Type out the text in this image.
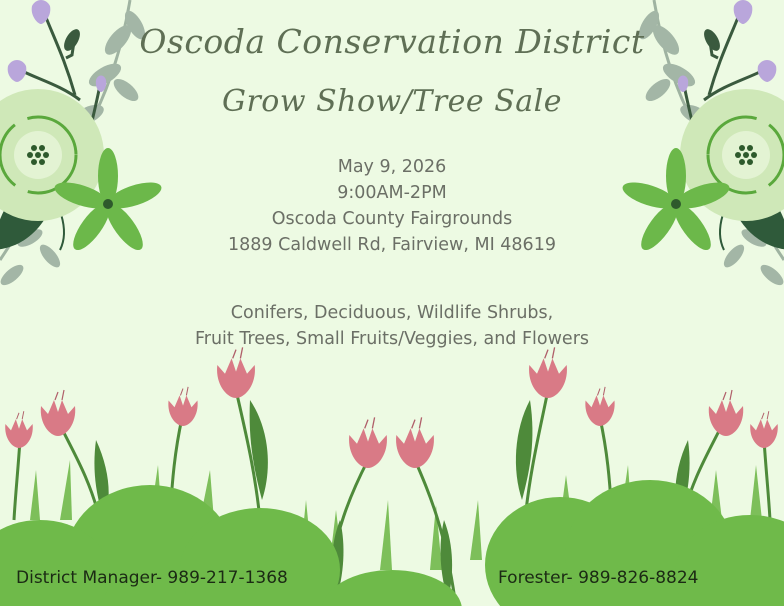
Oscoda Conservation District
Grow Show/Tree Sale
May 9, 2026
9:00AM-2PM
Oscoda County Fairgrounds
1889 Caldwell Rd, Fairview, MI 48619
Conifers, Deciduous, Wildlife Shrubs,
Fruit Trees, Small Fruits/Veggies, and Flowers
District Manager- 989-217-1368	Forester- 989-826-8824
